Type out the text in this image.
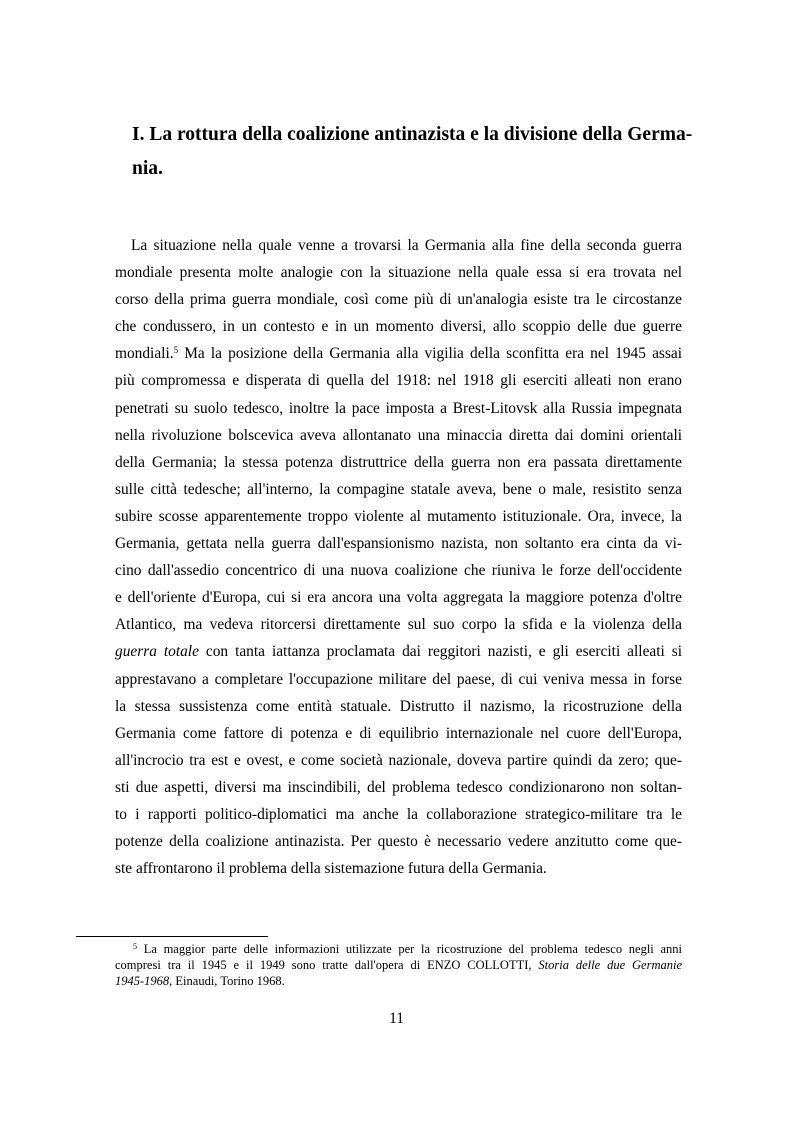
I. La rottura della coalizione antinazista e la divisione della Germa-
nia.
La situazione nella quale venne a trovarsi la Germania alla fine della seconda guerra
mondiale presenta molte analogie con la situazione nella quale essa si era trovata nel
corso della prima guerra mondiale, così come più di un'analogia esiste tra le circostanze
che condussero, in un contesto e in un momento diversi, allo scoppio delle due guerre
mondiali.$^5$ Ma la posizione della Germania alla vigilia della sconfitta era nel 1945 assai
più compromessa e disperata di quella del 1918: nel 1918 gli eserciti alleati non erano
penetrati su suolo tedesco, inoltre la pace imposta a Brest-Litovsk alla Russia impegnata
nella rivoluzione bolscevica aveva allontanato una minaccia diretta dai domini orientali
della Germania; la stessa potenza distruttrice della guerra non era passata direttamente
sulle città tedesche; all'interno, la compagine statale aveva, bene o male, resistito senza
subire scosse apparentemente troppo violente al mutamento istituzionale. Ora, invece, la
Germania, gettata nella guerra dall'espansionismo nazista, non soltanto era cinta da vi-
cino dall'assedio concentrico di una nuova coalizione che riuniva le forze dell'occidente
e dell'oriente d'Europa, cui si era ancora una volta aggregata la maggiore potenza d'oltre
Atlantico, ma vedeva ritorcersi direttamente sul suo corpo la sfida e la violenza della
guerra totale con tanta iattanza proclamata dai reggitori nazisti, e gli eserciti alleati si
apprestavano a completare l'occupazione militare del paese, di cui veniva messa in forse
la stessa sussistenza come entità statuale. Distrutto il nazismo, la ricostruzione della
Germania come fattore di potenza e di equilibrio internazionale nel cuore dell'Europa,
all'incrocio tra est e ovest, e come società nazionale, doveva partire quindi da zero; que-
sti due aspetti, diversi ma inscindibili, del problema tedesco condizionarono non soltan-
to i rapporti politico-diplomatici ma anche la collaborazione strategico-militare tra le
potenze della coalizione antinazista. Per questo è necessario vedere anzitutto come que-
ste affrontarono il problema della sistemazione futura della Germania.
$^5$ La maggior parte delle informazioni utilizzate per la ricostruzione del problema tedesco negli anni
compresi tra il 1945 e il 1949 sono tratte dall'opera di ENZO COLLOTTI, Storia delle due Germanie
1945-1968, Einaudi, Torino 1968.
11
